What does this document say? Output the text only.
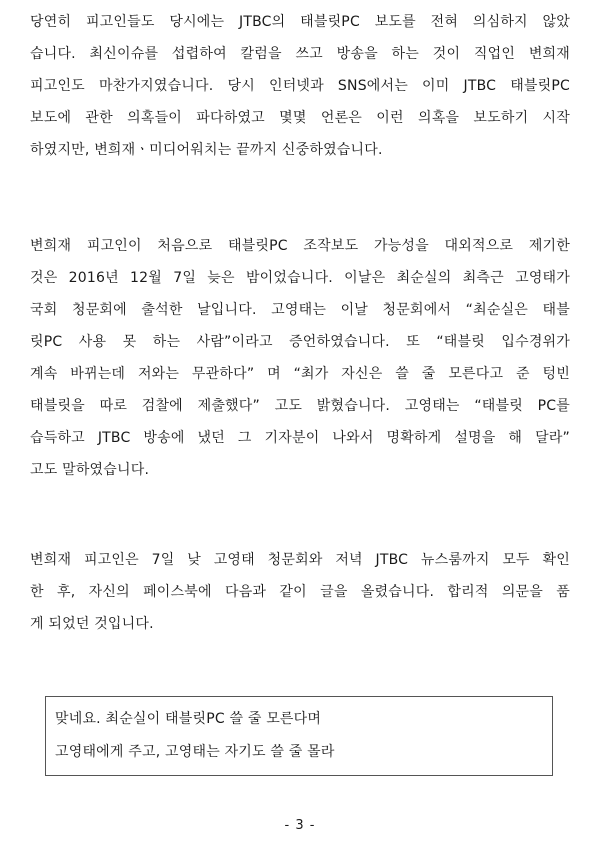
당연히 피고인들도 당시에는 JTBC의 태블릿PC 보도를 전혀 의심하지 않았
습니다. 최신이슈를 섭렵하여 칼럼을 쓰고 방송을 하는 것이 직업인 변희재
피고인도 마찬가지였습니다. 당시 인터넷과 SNS에서는 이미 JTBC 태블릿PC
보도에 관한 의혹들이 파다하였고 몇몇 언론은 이런 의혹을 보도하기 시작
하였지만, 변희재ㆍ미디어워치는 끝까지 신중하였습니다.
변희재 피고인이 처음으로 태블릿PC 조작보도 가능성을 대외적으로 제기한
것은 2016년 12월 7일 늦은 밤이었습니다. 이날은 최순실의 최측근 고영태가
국회 청문회에 출석한 날입니다. 고영태는 이날 청문회에서 “최순실은 태블
릿PC 사용 못 하는 사람”이라고 증언하였습니다. 또 “태블릿 입수경위가
계속 바뀌는데 저와는 무관하다” 며 “최가 자신은 쓸 줄 모른다고 준 텅빈
태블릿을 따로 검찰에 제출했다” 고도 밝혔습니다. 고영태는 “태블릿 PC를
습득하고 JTBC 방송에 냈던 그 기자분이 나와서 명확하게 설명을 해 달라”
고도 말하였습니다.
변희재 피고인은 7일 낮 고영태 청문회와 저녁 JTBC 뉴스룸까지 모두 확인
한 후, 자신의 페이스북에 다음과 같이 글을 올렸습니다. 합리적 의문을 품
게 되었던 것입니다.
맞네요. 최순실이 태블릿PC 쓸 줄 모른다며
고영태에게 주고, 고영태는 자기도 쓸 줄 몰라
- 3 -
